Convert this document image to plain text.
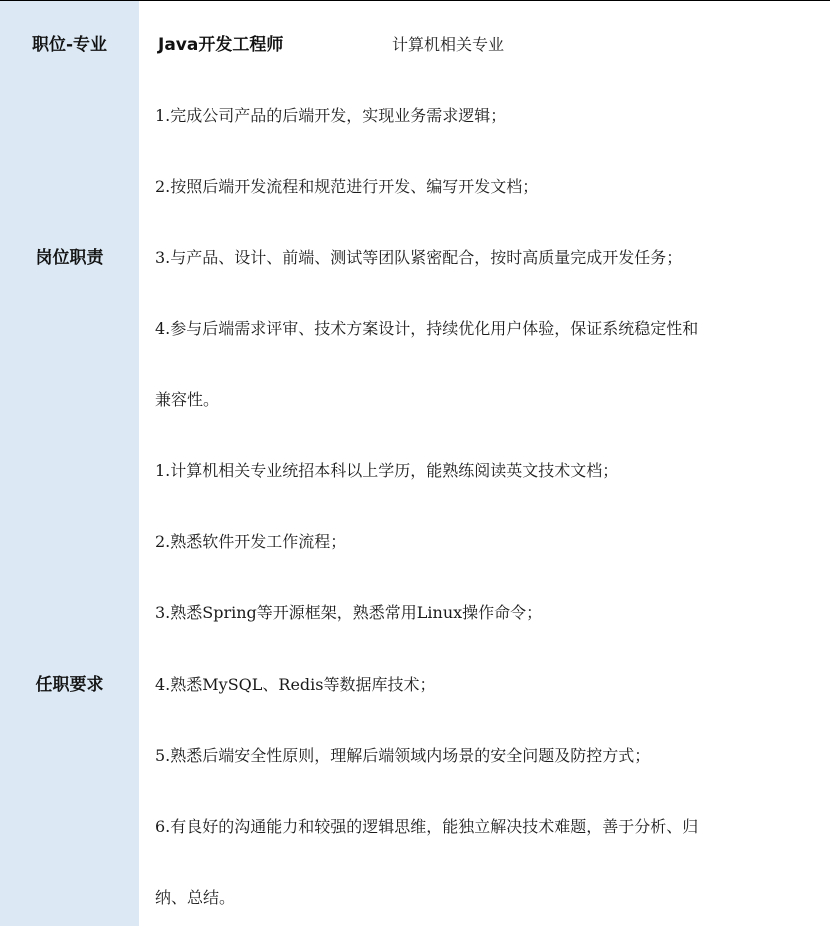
职位-专业	Java开发工程师	计算机相关专业
岗位职责
1.完成公司产品的后端开发，实现业务需求逻辑；
2.按照后端开发流程和规范进行开发、编写开发文档；
3.与产品、设计、前端、测试等团队紧密配合，按时高质量完成开发任务；
4.参与后端需求评审、技术方案设计，持续优化用户体验，保证系统稳定性和
兼容性。
任职要求
1.计算机相关专业统招本科以上学历，能熟练阅读英文技术文档；
2.熟悉软件开发工作流程；
3.熟悉Spring等开源框架，熟悉常用Linux操作命令；
4.熟悉MySQL、Redis等数据库技术；
5.熟悉后端安全性原则，理解后端领域内场景的安全问题及防控方式；
6.有良好的沟通能力和较强的逻辑思维，能独立解决技术难题，善于分析、归
纳、总结。
